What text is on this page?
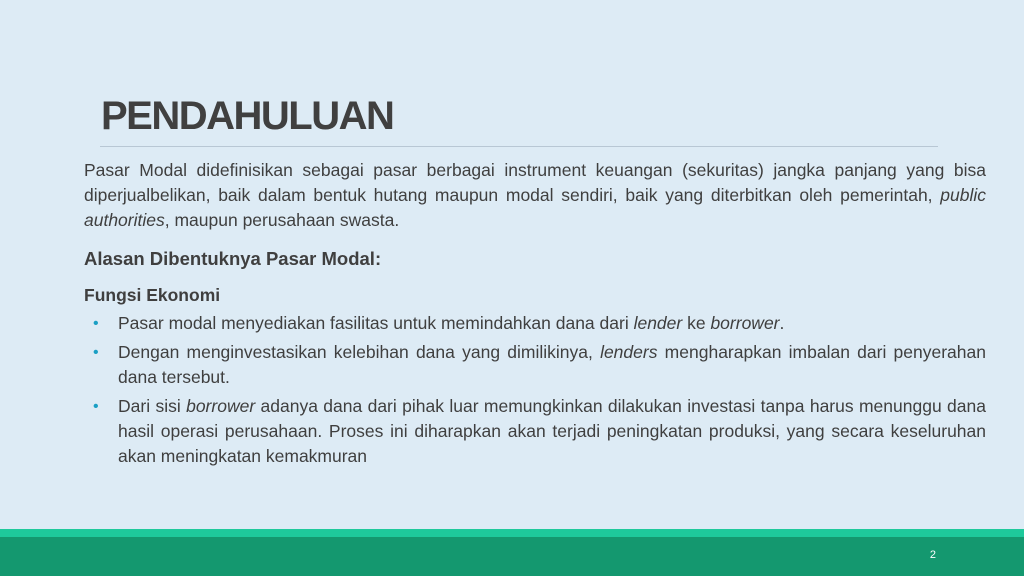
PENDAHULUAN

Pasar Modal didefinisikan sebagai pasar berbagai instrument keuangan (sekuritas) jangka panjang yang bisa diperjualbelikan, baik dalam bentuk hutang maupun modal sendiri, baik yang diterbitkan oleh pemerintah, public authorities, maupun perusahaan swasta.

Alasan Dibentuknya Pasar Modal:

Fungsi Ekonomi

• Pasar modal menyediakan fasilitas untuk memindahkan dana dari lender ke borrower.
• Dengan menginvestasikan kelebihan dana yang dimilikinya, lenders mengharapkan imbalan dari penyerahan dana tersebut.
• Dari sisi borrower adanya dana dari pihak luar memungkinkan dilakukan investasi tanpa harus menunggu dana hasil operasi perusahaan. Proses ini diharapkan akan terjadi peningkatan produksi, yang secara keseluruhan akan meningkatan kemakmuran
2
